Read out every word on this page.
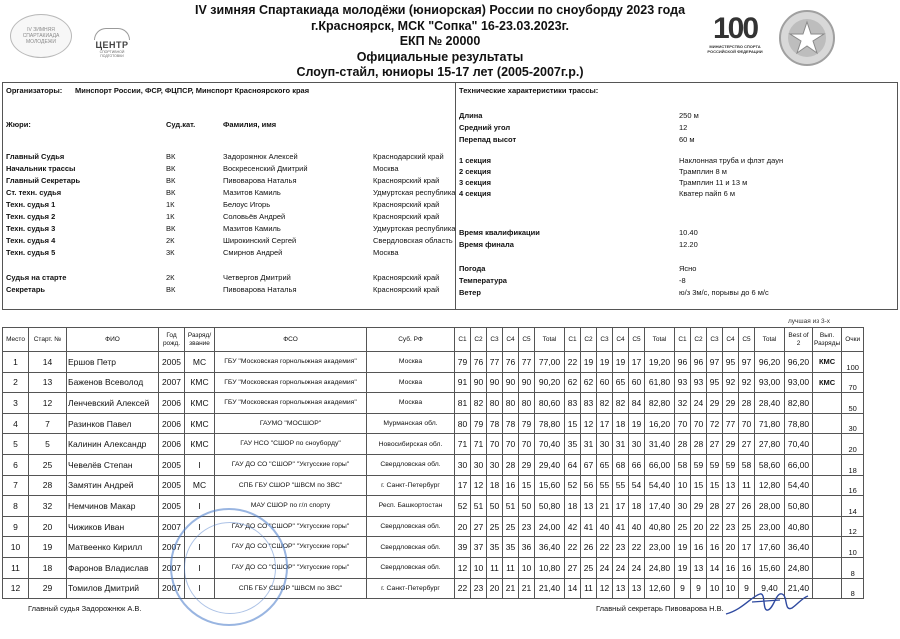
IV ЗИМНЯЯ СПАРТАКИАДА МОЛОДЕЖИ	ЦЕНТР
СПОРТИВНОЙ ПОДГОТОВКИ
IV зимняя Спартакиада молодёжи (юниорская) России по сноуборду 2023 года
г.Красноярск, МСК "Сопка" 16-23.03.2023г.
ЕКП № 20000
Официальные результаты
Слоуп-стайл, юниоры 15-17 лет (2005-2007г.р.)
100
МИНИСТЕРСТВО СПОРТА РОССИЙСКОЙ ФЕДЕРАЦИИ
Организаторы: Минспорт России, ФСР, ФЦПСР, Минспорт Красноярского края
Жюри:	Суд.кат.	Фамилия, имя
Главный Судья	ВК	Задорожнюк Алексей	Краснодарский край
Начальник трассы	ВК	Воскресенский Дмитрий	Москва
Главный Секретарь	ВК	Пивоварова Наталья	Красноярский край
Ст. техн. судья	ВК	Мазитов Камиль	Удмуртская республика
Техн. судья 1	1К	Белоус Игорь	Красноярский край
Техн. судья 2	1К	Соловьёв Андрей	Красноярский край
Техн. судья 3	ВК	Мазитов Камиль	Удмуртская республика
Техн. судья 4	2К	Широкинский Сергей	Свердловская область
Техн. судья 5	3К	Смирнов Андрей	Москва
Судья на старте	2К	Четвергов Дмитрий	Красноярский край
Секретарь	ВК	Пивоварова Наталья	Красноярский край
Технические характеристики трассы:
Длина	250 м
Средний угол	12
Перепад высот	60 м
1 секция	Наклонная труба и флэт даун
2 секция	Трамплин 8 м
3 секция	Трамплин 11 и 13 м
4 секция	Кватер пайп 6 м
Время квалификации	10.40
Время финала	12.20
Погода	Ясно
Температура	-8
Ветер	ю/з 3м/с, порывы до 6 м/с
лучшая из 3-х
Место	Старт. №	ФИО	Год рожд.	Разряд/ звание	ФСО	Суб. РФ	C1	C2	C3	C4	C5	Total	C1	C2	C3	C4	C5	Total	C1	C2	C3	C4	C5	Total	Best of 2	Вып. Разряды	Очки
1	14	Ершов Петр	2005	МС	ГБУ "Московская горнолыжная академия"	Москва	79	76	77	76	77	77,00	22	19	19	19	17	19,20	96	96	97	95	97	96,20	96,20	КМС	100
2	13	Баженов Всеволод	2007	КМС	ГБУ "Московская горнолыжная академия"	Москва	91	90	90	90	90	90,20	62	62	60	65	60	61,80	93	93	95	92	92	93,00	93,00	КМС	70
3	12	Ленчевский Алексей	2006	КМС	ГБУ "Московская горнолыжная академия"	Москва	81	82	80	80	80	80,60	83	83	82	82	84	82,80	32	24	29	29	28	28,40	82,80		50
4	7	Разинков Павел	2006	КМС	ГАУМО "МОСШОР"	Мурманская обл.	80	79	78	78	79	78,80	15	12	17	18	19	16,20	70	70	72	77	70	71,80	78,80		30
5	5	Калинин Александр	2006	КМС	ГАУ НСО "СШОР по сноуборду"	Новосибирская обл.	71	71	70	70	70	70,40	35	31	30	31	30	31,40	28	28	27	29	27	27,80	70,40		20
6	25	Чевелёв Степан	2005	I	ГАУ ДО СО "СШОР" "Уктусские горы"	Свердловская обл.	30	30	30	28	29	29,40	64	67	65	68	66	66,00	58	59	59	59	58	58,60	66,00		18
7	28	Замятин Андрей	2005	МС	СПБ ГБУ СШОР "ШВСМ по ЗВС"	г. Санкт-Петербург	17	12	18	16	15	15,60	52	56	55	55	54	54,40	10	15	15	13	11	12,80	54,40		16
8	32	Немчинов Макар	2005	I	МАУ СШОР по г/л спорту	Респ. Башкортостан	52	51	50	51	50	50,80	18	13	21	17	18	17,40	30	29	28	27	26	28,00	50,80		14
9	20	Чижиков Иван	2007	I	ГАУ ДО СО "СШОР" "Уктусские горы"	Свердловская обл.	20	27	25	25	23	24,00	42	41	40	41	40	40,80	25	20	22	23	25	23,00	40,80		12
10	19	Матвеенко Кирилл	2007	I	ГАУ ДО СО "СШОР" "Уктусские горы"	Свердловская обл.	39	37	35	35	36	36,40	22	26	22	23	22	23,00	19	16	16	20	17	17,60	36,40		10
11	18	Фаронов Владислав	2007	I	ГАУ ДО СО "СШОР" "Уктусские горы"	Свердловская обл.	12	10	11	11	10	10,80	27	25	24	24	24	24,80	19	13	14	16	16	15,60	24,80		8
12	29	Томилов Дмитрий	2007	I	СПБ ГБУ СШОР "ШВСМ по ЗВС"	г. Санкт-Петербург	22	23	20	21	21	21,40	14	11	12	13	13	12,60	9	9	10	10	9	9,40	21,40		8
Главный судья Задорожнюк А.В.	Главный секретарь Пивоварова Н.В.
